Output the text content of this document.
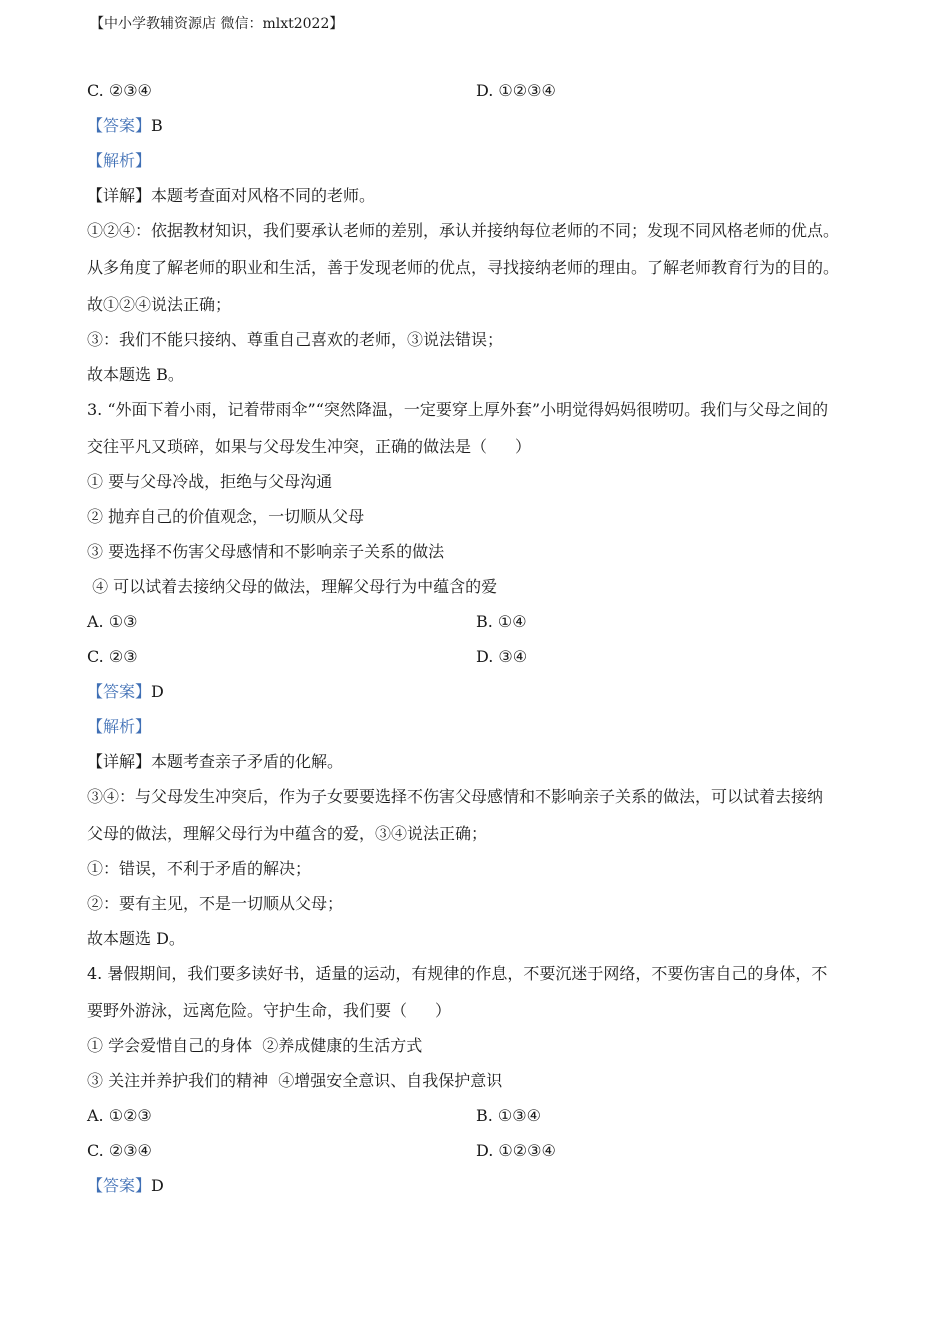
【中小学教辅资源店 微信：mlxt2022】
C. ②③④	D. ①②③④
【答案】B
【解析】
【详解】本题考查面对风格不同的老师。
①②④：依据教材知识，我们要承认老师的差别，承认并接纳每位老师的不同；发现不同风格老师的优点。
从多角度了解老师的职业和生活，善于发现老师的优点，寻找接纳老师的理由。了解老师教育行为的目的。
故①②④说法正确；
③：我们不能只接纳、尊重自己喜欢的老师，③说法错误；
故本题选 B。
3. “外面下着小雨，记着带雨伞”“突然降温，一定要穿上厚外套”小明觉得妈妈很唠叨。我们与父母之间的
交往平凡又琐碎，如果与父母发生冲突，正确的做法是（ ）
① 要与父母冷战，拒绝与父母沟通
② 抛弃自己的价值观念，一切顺从父母
③ 要选择不伤害父母感情和不影响亲子关系的做法
④ 可以试着去接纳父母的做法，理解父母行为中蕴含的爱
A. ①③	B. ①④
C. ②③	D. ③④
【答案】D
【解析】
【详解】本题考查亲子矛盾的化解。
③④：与父母发生冲突后，作为子女要要选择不伤害父母感情和不影响亲子关系的做法，可以试着去接纳
父母的做法，理解父母行为中蕴含的爱，③④说法正确；
①：错误，不利于矛盾的解决；
②：要有主见，不是一切顺从父母；
故本题选 D。
4. 暑假期间，我们要多读好书，适量的运动，有规律的作息，不要沉迷于网络，不要伤害自己的身体，不
要野外游泳，远离危险。守护生命，我们要（ ）
① 学会爱惜自己的身体  ②养成健康的生活方式
③ 关注并养护我们的精神  ④增强安全意识、自我保护意识
A. ①②③	B. ①③④
C. ②③④	D. ①②③④
【答案】D
